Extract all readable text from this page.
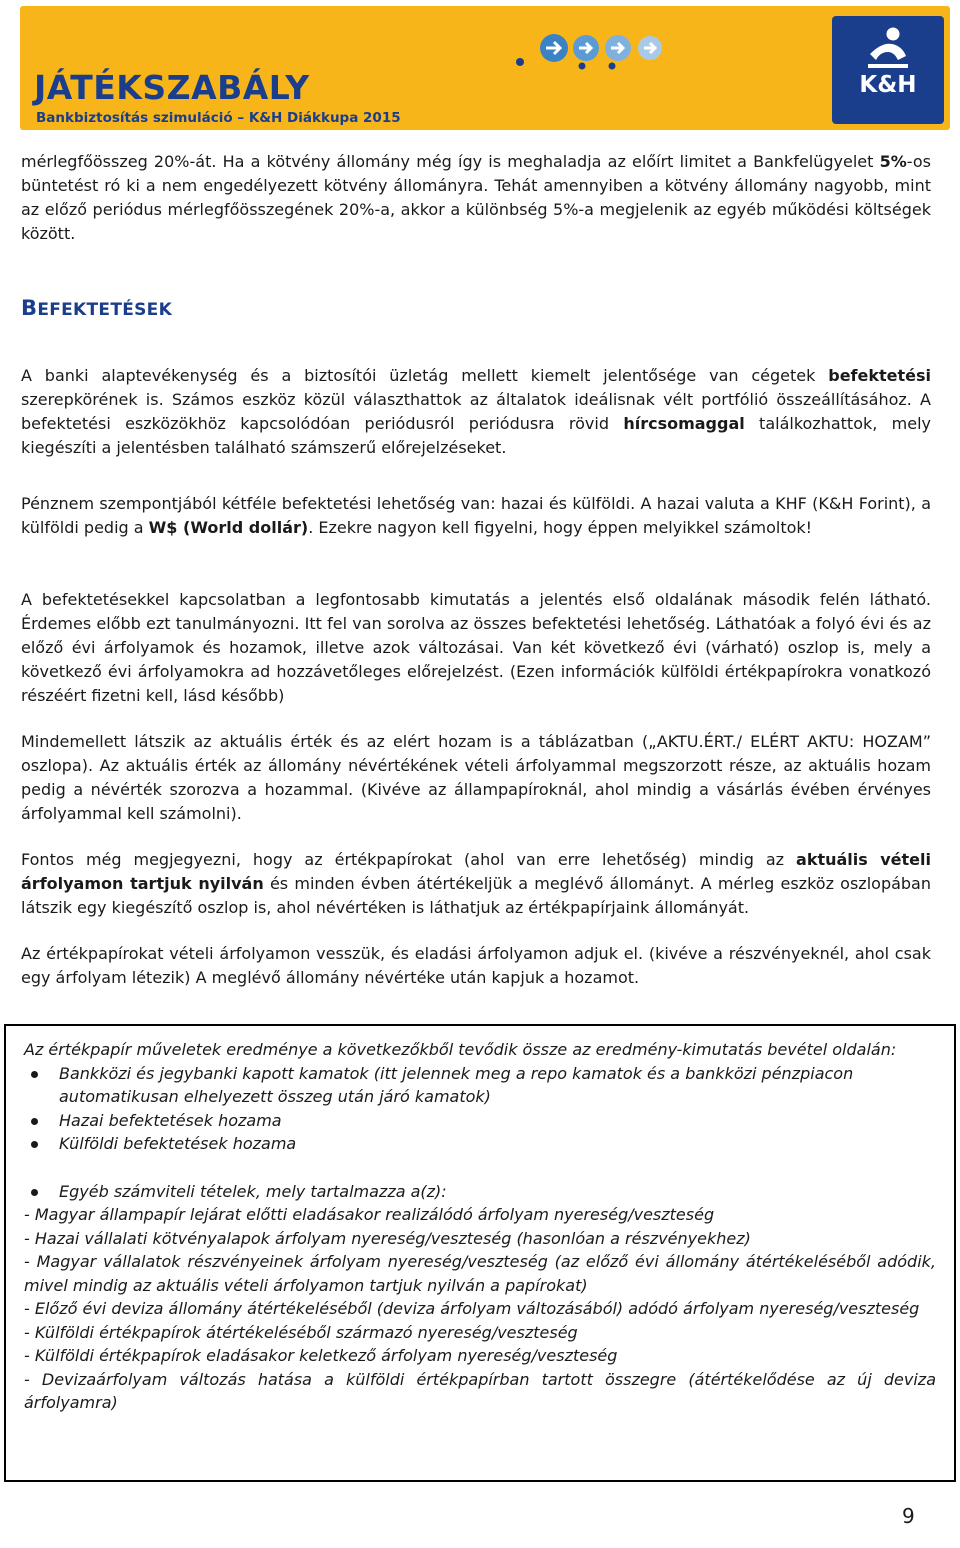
JÁTÉKSZABÁLY
Bankbiztosítás szimuláció – K&H Diákkupa 2015
K&H
mérlegfőösszeg 20%-át. Ha a kötvény állomány még így is meghaladja az előírt limitet a Bankfelügyelet 5%-os büntetést ró ki a nem engedélyezett kötvény állományra. Tehát amennyiben a kötvény állomány nagyobb, mint az előző periódus mérlegfőösszegének 20%-a, akkor a különbség 5%-a megjelenik az egyéb működési költségek között.
BEFEKTETÉSEK
A banki alaptevékenység és a biztosítói üzletág mellett kiemelt jelentősége van cégetek befektetési szerepkörének is. Számos eszköz közül választhattok az általatok ideálisnak vélt portfólió összeállításához. A befektetési eszközökhöz kapcsolódóan periódusról periódusra rövid hírcsomaggal találkozhattok, mely kiegészíti a jelentésben található számszerű előrejelzéseket.
Pénznem szempontjából kétféle befektetési lehetőség van: hazai és külföldi. A hazai valuta a KHF (K&H Forint), a külföldi pedig a W$ (World dollár). Ezekre nagyon kell figyelni, hogy éppen melyikkel számoltok!
A befektetésekkel kapcsolatban a legfontosabb kimutatás a jelentés első oldalának második felén látható. Érdemes előbb ezt tanulmányozni. Itt fel van sorolva az összes befektetési lehetőség. Láthatóak a folyó évi és az előző évi árfolyamok és hozamok, illetve azok változásai. Van két következő évi (várható) oszlop is, mely a következő évi árfolyamokra ad hozzávetőleges előrejelzést. (Ezen információk külföldi értékpapírokra vonatkozó részéért fizetni kell, lásd később)
Mindemellett látszik az aktuális érték és az elért hozam is a táblázatban („AKTU.ÉRT./ ELÉRT AKTU: HOZAM” oszlopa). Az aktuális érték az állomány névértékének vételi árfolyammal megszorzott része, az aktuális hozam pedig a névérték szorozva a hozammal. (Kivéve az állampapíroknál, ahol mindig a vásárlás évében érvényes árfolyammal kell számolni).
Fontos még megjegyezni, hogy az értékpapírokat (ahol van erre lehetőség) mindig az aktuális vételi árfolyamon tartjuk nyilván és minden évben átértékeljük a meglévő állományt. A mérleg eszköz oszlopában látszik egy kiegészítő oszlop is, ahol névértéken is láthatjuk az értékpapírjaink állományát.
Az értékpapírokat vételi árfolyamon vesszük, és eladási árfolyamon adjuk el. (kivéve a részvényeknél, ahol csak egy árfolyam létezik) A meglévő állomány névértéke után kapjuk a hozamot.
Az értékpapír műveletek eredménye a következőkből tevődik össze az eredmény-kimutatás bevétel oldalán:
Bankközi és jegybanki kapott kamatok (itt jelennek meg a repo kamatok és a bankközi pénzpiacon automatikusan elhelyezett összeg után járó kamatok)
Hazai befektetések hozama
Külföldi befektetések hozama
Egyéb számviteli tételek, mely tartalmazza a(z):
- Magyar állampapír lejárat előtti eladásakor realizálódó árfolyam nyereség/veszteség
- Hazai vállalati kötvényalapok árfolyam nyereség/veszteség (hasonlóan a részvényekhez)
- Magyar vállalatok részvényeinek árfolyam nyereség/veszteség (az előző évi állomány átértékeléséből adódik, mivel mindig az aktuális vételi árfolyamon tartjuk nyilván a papírokat)
- Előző évi deviza állomány átértékeléséből (deviza árfolyam változásából) adódó árfolyam nyereség/veszteség
- Külföldi értékpapírok átértékeléséből származó nyereség/veszteség
- Külföldi értékpapírok eladásakor keletkező árfolyam nyereség/veszteség
- Devizaárfolyam változás hatása a külföldi értékpapírban tartott összegre (átértékelődése az új deviza árfolyamra)
9
